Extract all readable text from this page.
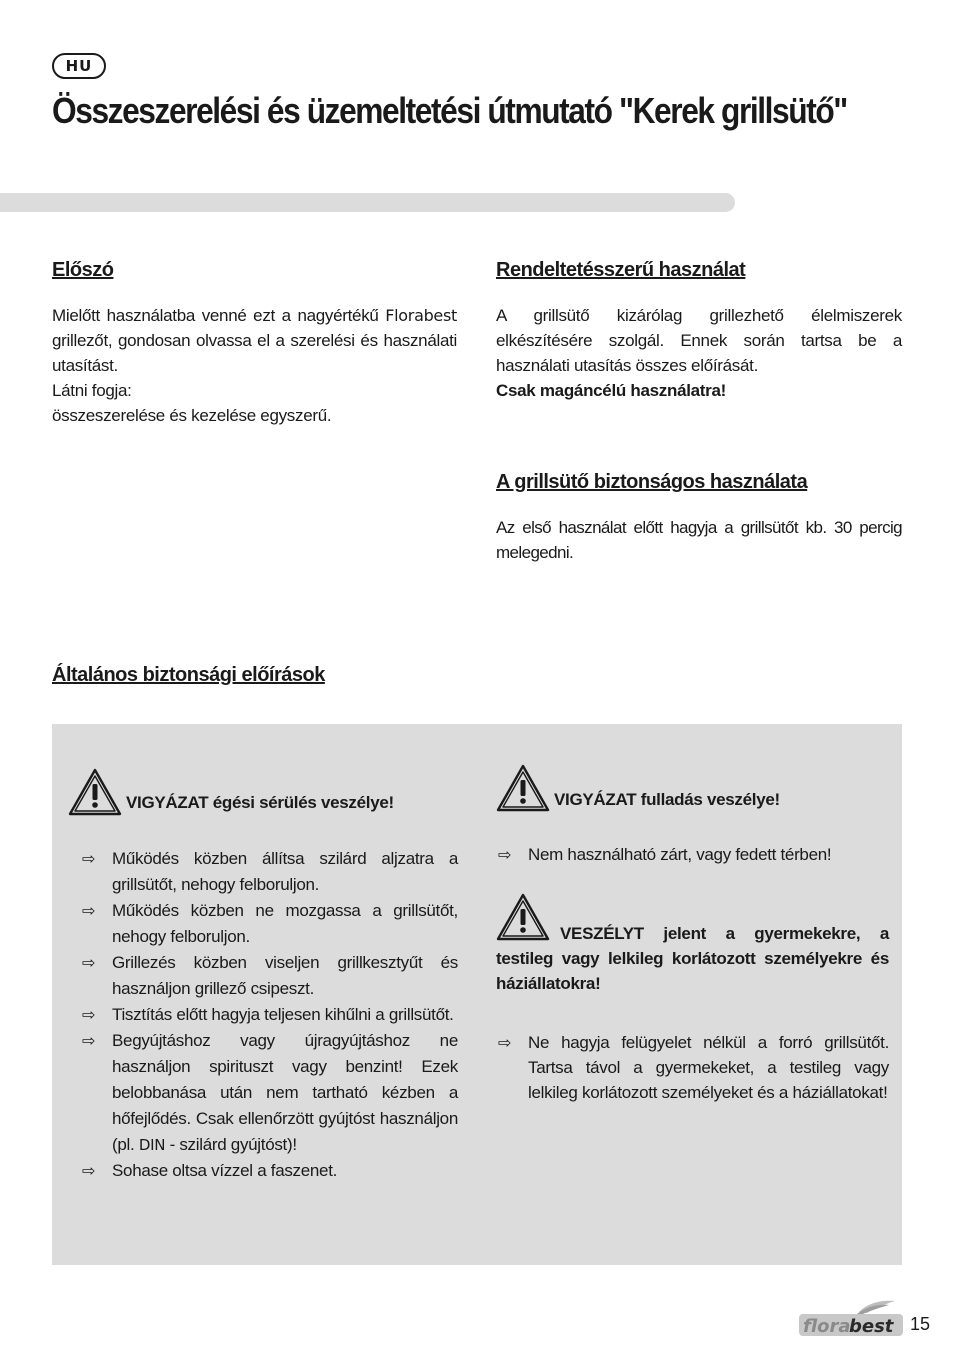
HU
Összeszerelési és üzemeltetési útmutató "Kerek grillsütő"
Előszó

Mielőtt használatba venné ezt a nagyértékű Florabest grillezőt, gondosan olvassa el a szerelési és használati utasítást.

Látni fogja:

összeszerelése és kezelése egyszerű.

Rendeltetésszerű használat

A grillsütő kizárólag grillezhető élelmiszerek elkészítésére szolgál. Ennek során tartsa be a használati utasítás összes előírását.

Csak magáncélú használatra!

A grillsütő biztonságos használata

Az első használat előtt hagyja a grillsütőt kb. 30 percig melegedni.

Általános biztonsági előírások
VIGYÁZAT égési sérülés veszélye!
⇨ Működés közben állítsa szilárd aljzatra a grillsütőt, nehogy felboruljon.
⇨ Működés közben ne mozgassa a grillsütőt, nehogy felboruljon.
⇨ Grillezés közben viseljen grillkesztyűt és használjon grillező csipeszt.
⇨ Tisztítás előtt hagyja teljesen kihűlni a grillsütőt.
⇨ Begyújtáshoz vagy újragyújtáshoz ne használjon spirituszt vagy benzint! Ezek belobbanása után nem tartható kézben a hőfejlődés. Csak ellenőrzött gyújtóst használjon (pl. DIN - szilárd gyújtóst)!
⇨ Sohase oltsa vízzel a faszenet.
VIGYÁZAT fulladás veszélye!
⇨ Nem használható zárt, vagy fedett térben!

VESZÉLYT jelent a gyermekekre, a testileg vagy lelkileg korlátozott személyekre és háziállatokra!

⇨ Ne hagyja felügyelet nélkül a forró grillsütőt. Tartsa távol a gyermekeket, a testileg vagy lelkileg korlátozott személyeket és a háziállatokat!
flora
best 15
